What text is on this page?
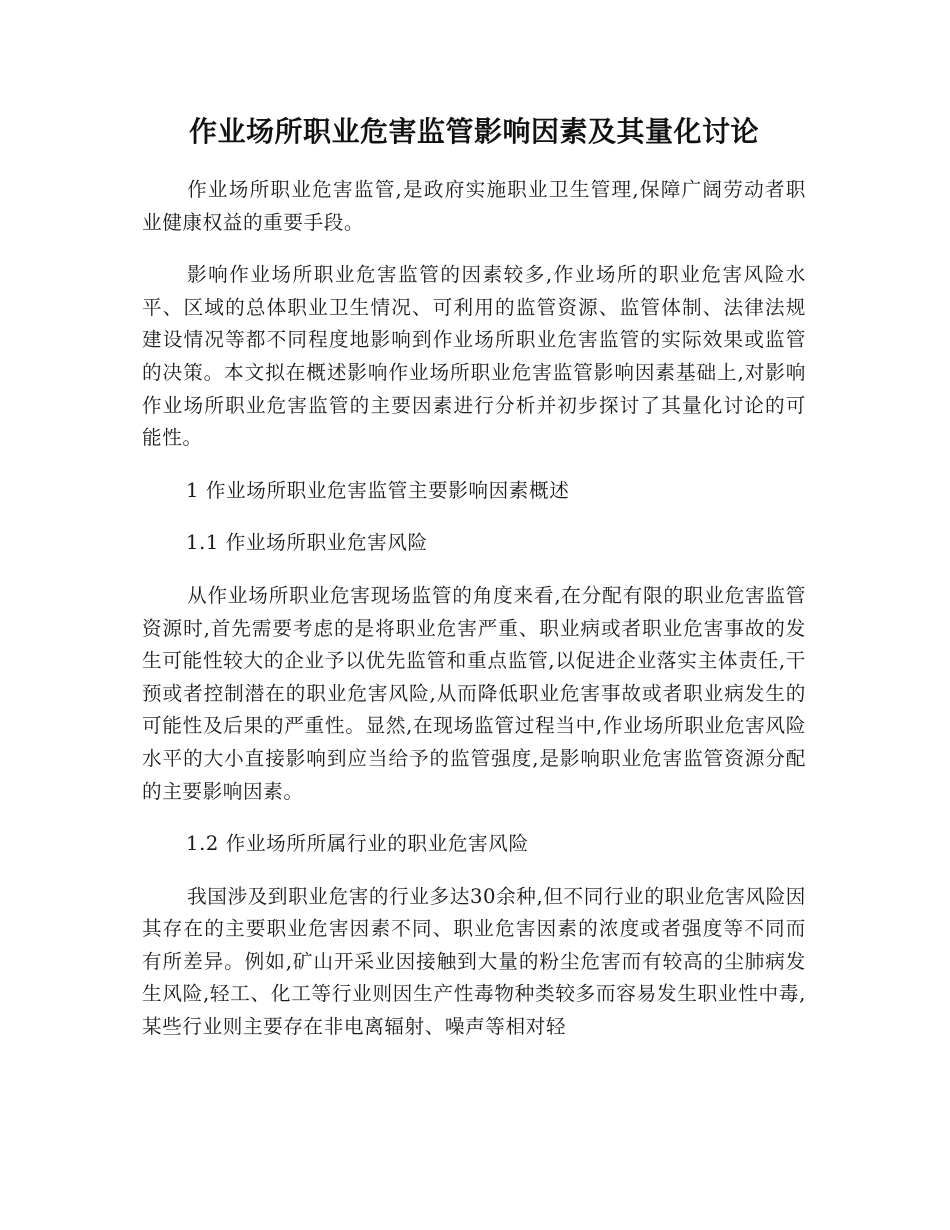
作业场所职业危害监管影响因素及其量化讨论

作业场所职业危害监管,是政府实施职业卫生管理,保障广阔劳动者职业健康权益的重要手段。

影响作业场所职业危害监管的因素较多,作业场所的职业危害风险水平、区域的总体职业卫生情况、可利用的监管资源、监管体制、法律法规建设情况等都不同程度地影响到作业场所职业危害监管的实际效果或监管的决策。本文拟在概述影响作业场所职业危害监管影响因素基础上,对影响作业场所职业危害监管的主要因素进行分析并初步探讨了其量化讨论的可能性。

1 作业场所职业危害监管主要影响因素概述
1.1 作业场所职业危害风险

从作业场所职业危害现场监管的角度来看,在分配有限的职业危害监管资源时,首先需要考虑的是将职业危害严重、职业病或者职业危害事故的发生可能性较大的企业予以优先监管和重点监管,以促进企业落实主体责任,干预或者控制潜在的职业危害风险,从而降低职业危害事故或者职业病发生的可能性及后果的严重性。显然,在现场监管过程当中,作业场所职业危害风险水平的大小直接影响到应当给予的监管强度,是影响职业危害监管资源分配的主要影响因素。

1.2 作业场所所属行业的职业危害风险

我国涉及到职业危害的行业多达30余种,但不同行业的职业危害风险因其存在的主要职业危害因素不同、职业危害因素的浓度或者强度等不同而有所差异。例如,矿山开采业因接触到大量的粉尘危害而有较高的尘肺病发生风险,轻工、化工等行业则因生产性毒物种类较多而容易发生职业性中毒,某些行业则主要存在非电离辐射、噪声等相对轻
